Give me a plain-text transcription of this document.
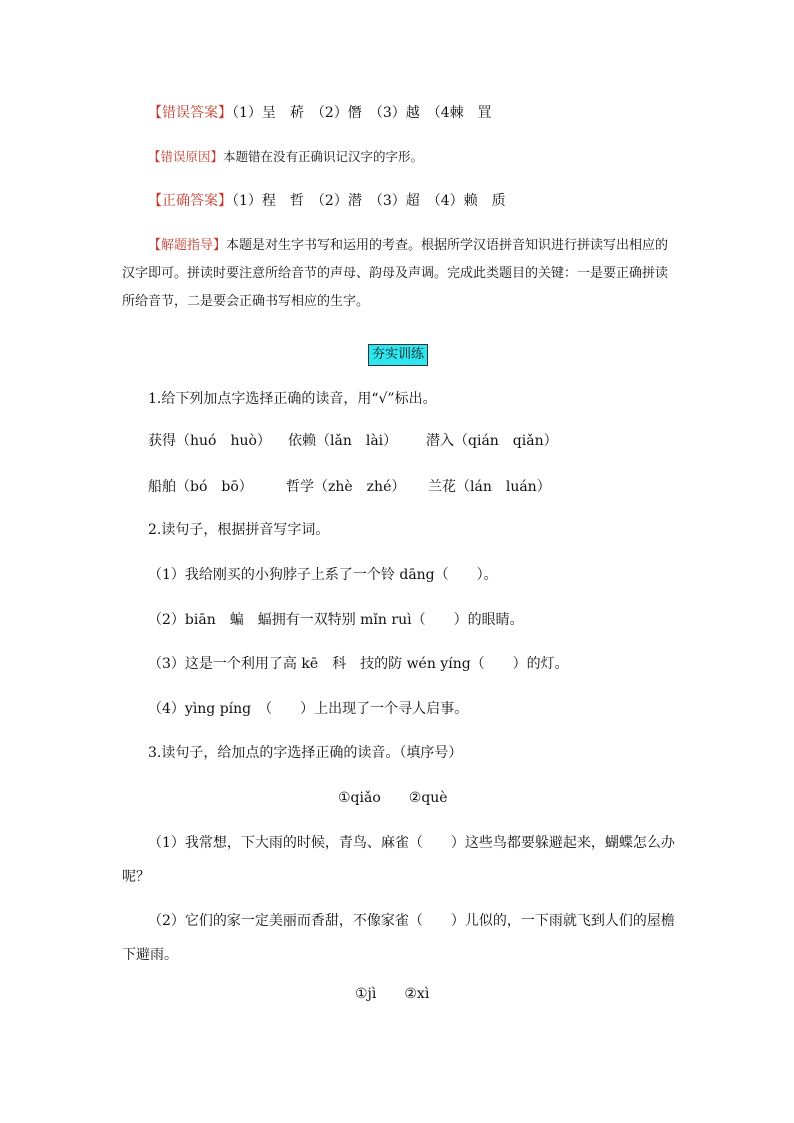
【错误答案】（1）呈　菥　（2）僭　（3）越　（4棘　罝
【错误原因】本题错在没有正确识记汉字的字形。
【正确答案】（1）程　哲　（2）潜　（3）超　（4）赖　质
【解题指导】本题是对生字书写和运用的考查。根据所学汉语拼音知识进行拼读写出相应的汉字即可。拼读时要注意所给音节的声母、韵母及声调。完成此类题目的关键：一是要正确拼读所给音节，二是要会正确书写相应的生字。
夯实训练
1.给下列加点字选择正确的读音，用“√”标出。
获得（huó　huò） 依赖（lǎn　lài） 潜入（qián　qiǎn）
船舶（bó　bō） 哲学（zhè　zhé） 兰花（lán　luán）
2.读句子，根据拼音写字词。
（1）我给刚买的小狗脖子上系了一个铃 dāng（　　）。
（2）biān　蝙　蝠拥有一双特别 mǐn ruì（　　）的眼睛。
（3）这是一个利用了高 kē　科　技的防 wén yíng（　　）的灯。
（4）yìng píng　（　　）上出现了一个寻人启事。
3.读句子，给加点的字选择正确的读音。（填序号）
①qiǎo　　②què
（1）我常想，下大雨的时候，青鸟、麻雀（　　）这些鸟都要躲避起来，蝴蝶怎么办呢？
（2）它们的家一定美丽而香甜，不像家雀（　　）儿似的，一下雨就飞到人们的屋檐下避雨。
①jì　　②xì
